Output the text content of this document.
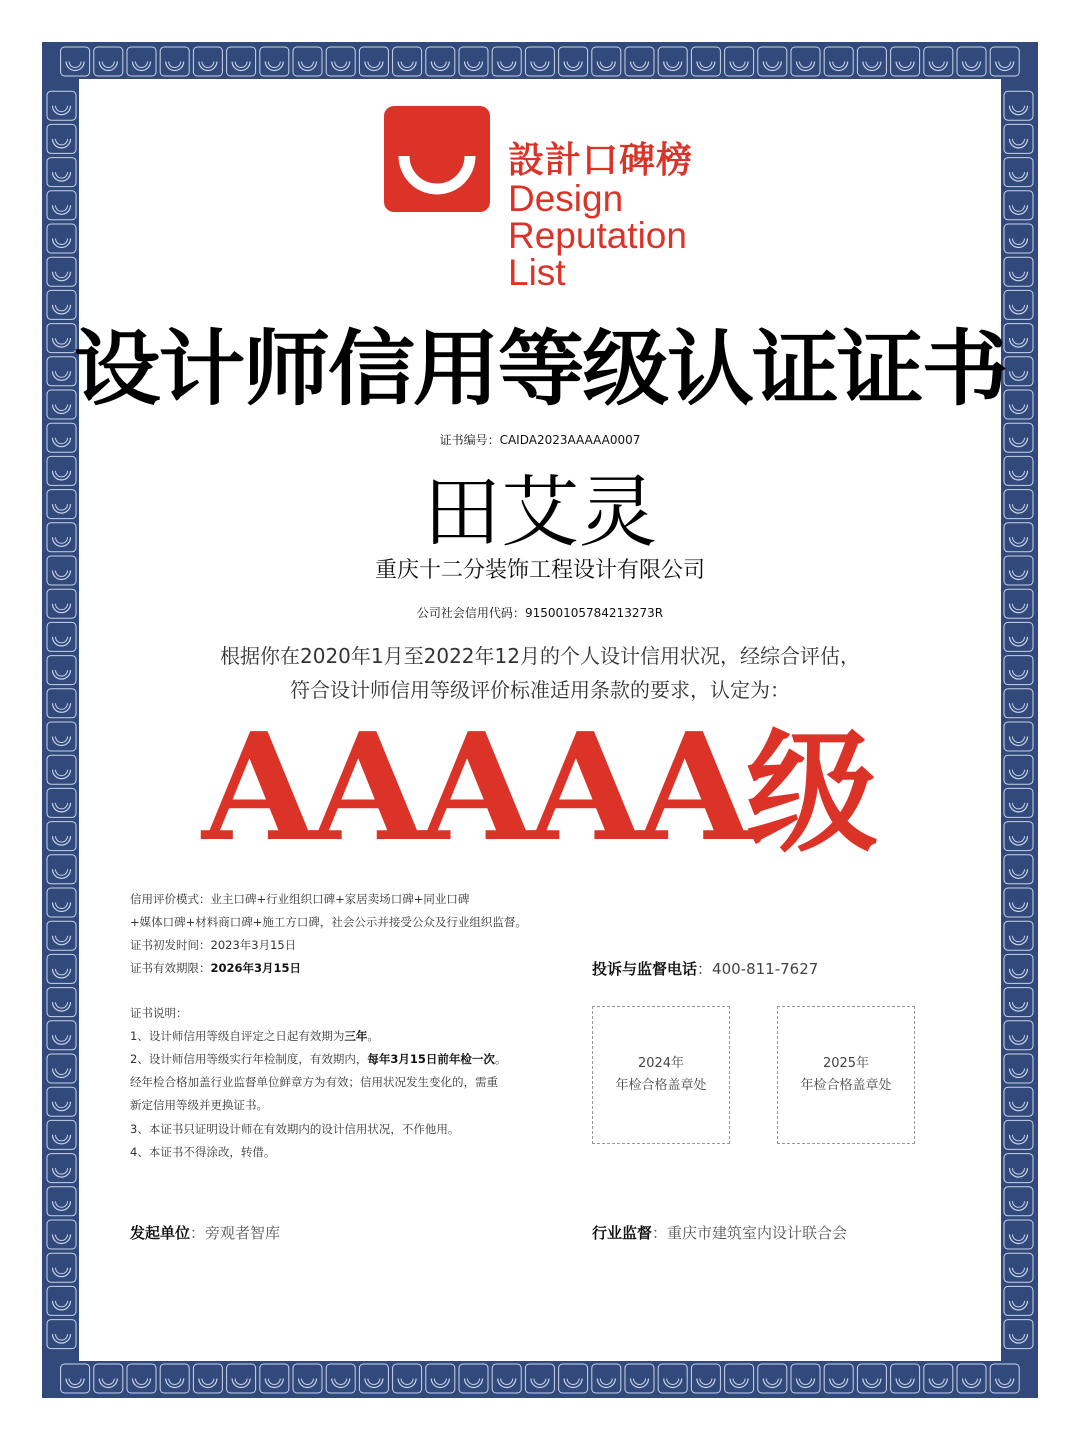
設計口碑榜
Design
Reputation
List
设计师信用等级认证证书
证书编号：CAIDA2023AAAAA0007
田艾灵
重庆十二分装饰工程设计有限公司
公司社会信用代码：91500105784213273R
根据你在2020年1月至2022年12月的个人设计信用状况，经综合评估，
符合设计师信用等级评价标准适用条款的要求，认定为：
AAAAA级
信用评价模式：业主口碑+行业组织口碑+家居卖场口碑+同业口碑
+媒体口碑+材料商口碑+施工方口碑，社会公示并接受公众及行业组织监督。
证书初发时间：2023年3月15日
证书有效期限：2026年3月15日
证书说明：
1、设计师信用等级自评定之日起有效期为三年。
2、设计师信用等级实行年检制度，有效期内，每年3月15日前年检一次。
经年检合格加盖行业监督单位鲜章方为有效；信用状况发生变化的，需重
新定信用等级并更换证书。
3、本证书只证明设计师在有效期内的设计信用状况，不作他用。
4、本证书不得涂改，转借。
投诉与监督电话：400-811-7627
2024年
年检合格盖章处
2025年
年检合格盖章处
发起单位：旁观者智库	行业监督：重庆市建筑室内设计联合会
